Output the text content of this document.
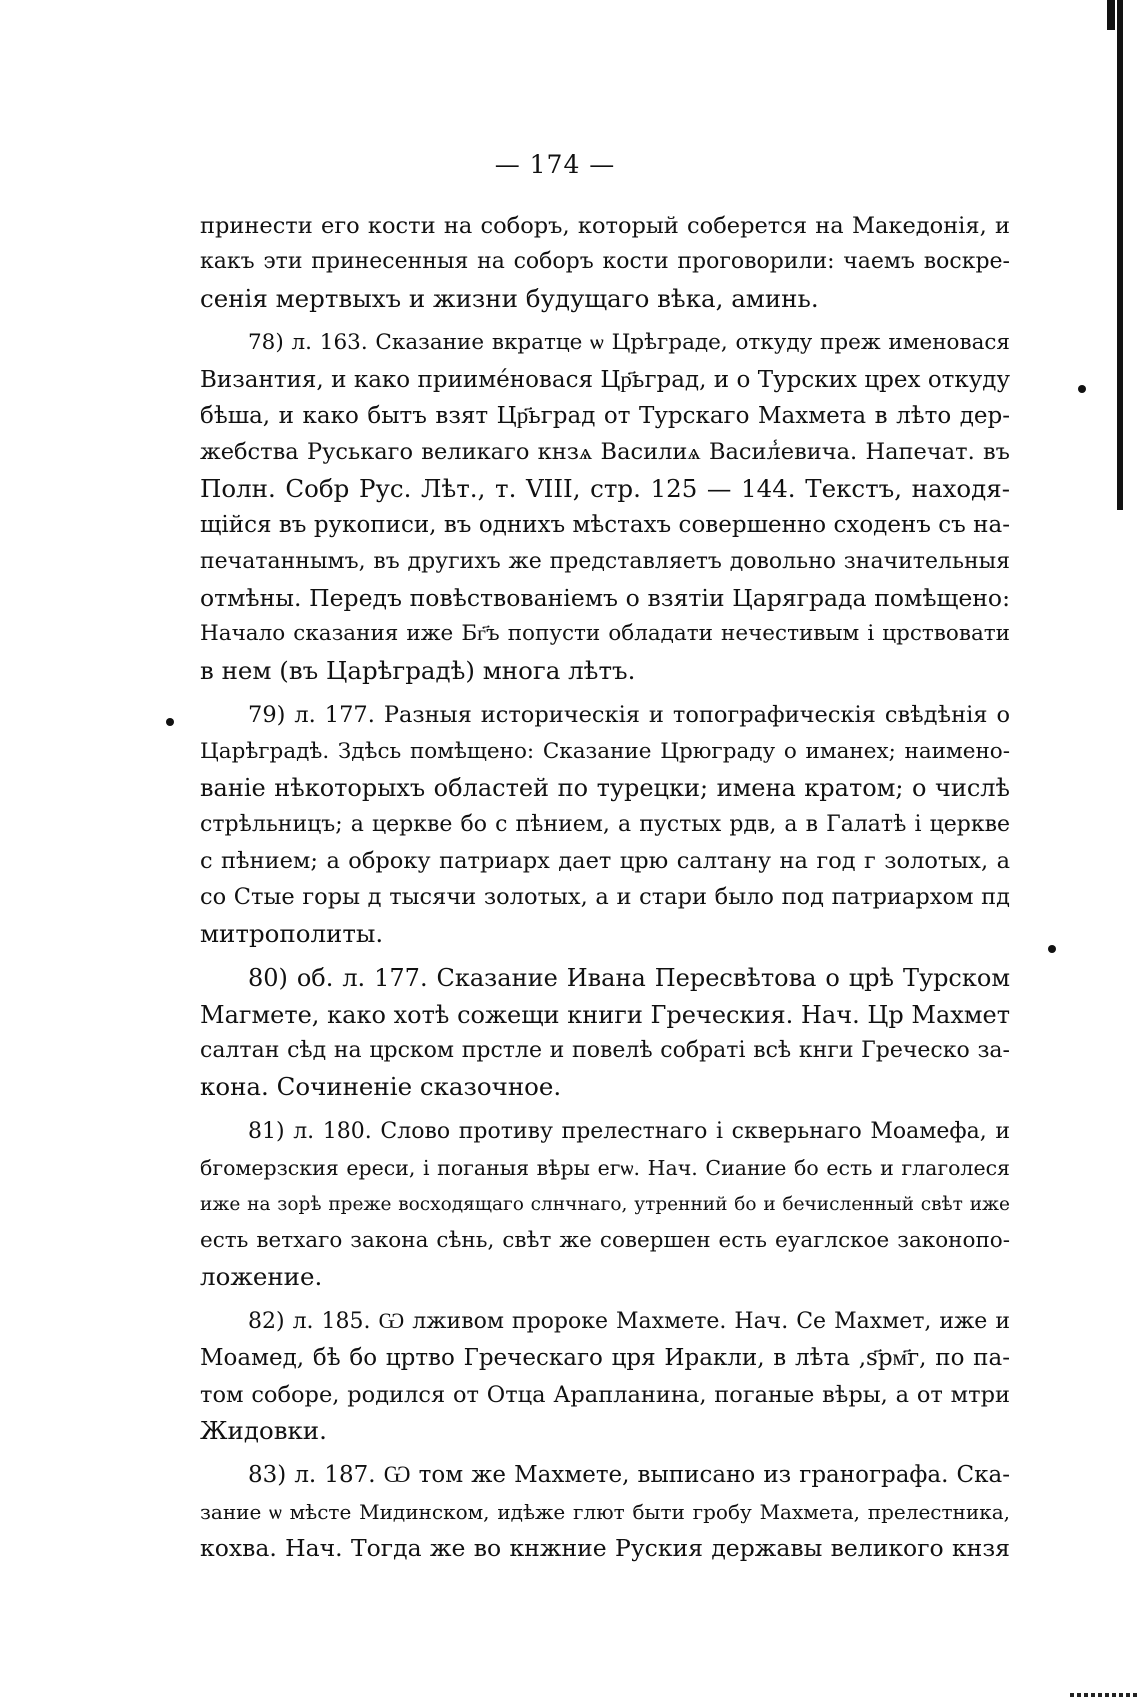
— 174 —
принести его кости на соборъ, который соберется на Македонія, и
какъ эти принесенныя на соборъ кости проговорили: чаемъ воскре-
сенія мертвыхъ и жизни будущаго вѣка, аминь.
78) л. 163. Сказание вкратце ѡ Црѣграде, откуду преж именовася
Византия, и како прииме́новася Цр҃ьград, и о Турских црех откуду
бѣша, и како бытъ взят Цр҃ьград от Турскаго Махмета в лѣто дер-
жебства Руськаго великаго кнзѧ Василиѧ Васил̾евича. Напечат. въ
Полн. Собр Рус. Лѣт., т. VIII, стр. 125 — 144. Текстъ, находя-
щійся въ рукописи, въ однихъ мѣстахъ совершенно сходенъ съ на-
печатаннымъ, въ другихъ же представляетъ довольно значительныя
отмѣны. Передъ повѣствованіемъ о взятіи Царяграда помѣщено:
Начало сказания иже Бг҃ъ попусти обладати нечестивым і црствовати
в нем (въ Царѣградѣ) многа лѣтъ.
79) л. 177. Разныя историческія и топографическія свѣдѣнія о
Царѣградѣ. Здѣсь помѣщено: Сказание Црюграду о иманех; наимено-
ваніе нѣкоторыхъ областей по турецки; имена кратом; о числѣ
стрѣльницъ; а церкве бо с пѣнием, а пустых рдв, а в Галатѣ і церкве
с пѣнием; а оброку патриарх дает црю салтану на год г золотых, а
со Стые горы д тысячи золотых, а и стари было под патриархом пд
митрополиты.
80) об. л. 177. Сказание Ивана Пересвѣтова о црѣ Турском
Магмете, како хотѣ сожещи книги Греческия. Нач. Цр Махмет
салтан сѣд на црском прстле и повелѣ собраті всѣ кнги Греческо за-
кона. Сочиненіе сказочное.
81) л. 180. Слово противу прелестнаго і скверьнаго Моамефа, и
бгомерзския ереси, і поганыя вѣры егѡ. Нач. Сиание бо есть и глаголеся
иже на зорѣ преже восходящаго слнчнаго, утренний бо и бечисленный свѣт иже
есть ветхаго закона сѣнь, свѣт же совершен есть еуаглское законопо-
ложение.
82) л. 185. Ѡ лживом пророке Махмете. Нач. Се Махмет, иже и
Моамед, бѣ бо цртво Греческаго цря Иракли, в лѣта ,s҃рм҃г, по па-
том соборе, родился от Отца Арапланина, поганые вѣры, а от мтри
Жидовки.
83) л. 187. Ѡ том же Махмете, выписано из гранографа. Ска-
зание ѡ мѣсте Мидинском, идѣже глют быти гробу Махмета, прелестника,
кохва. Нач. Тогда же во кнжние Руския державы великого кнзя
